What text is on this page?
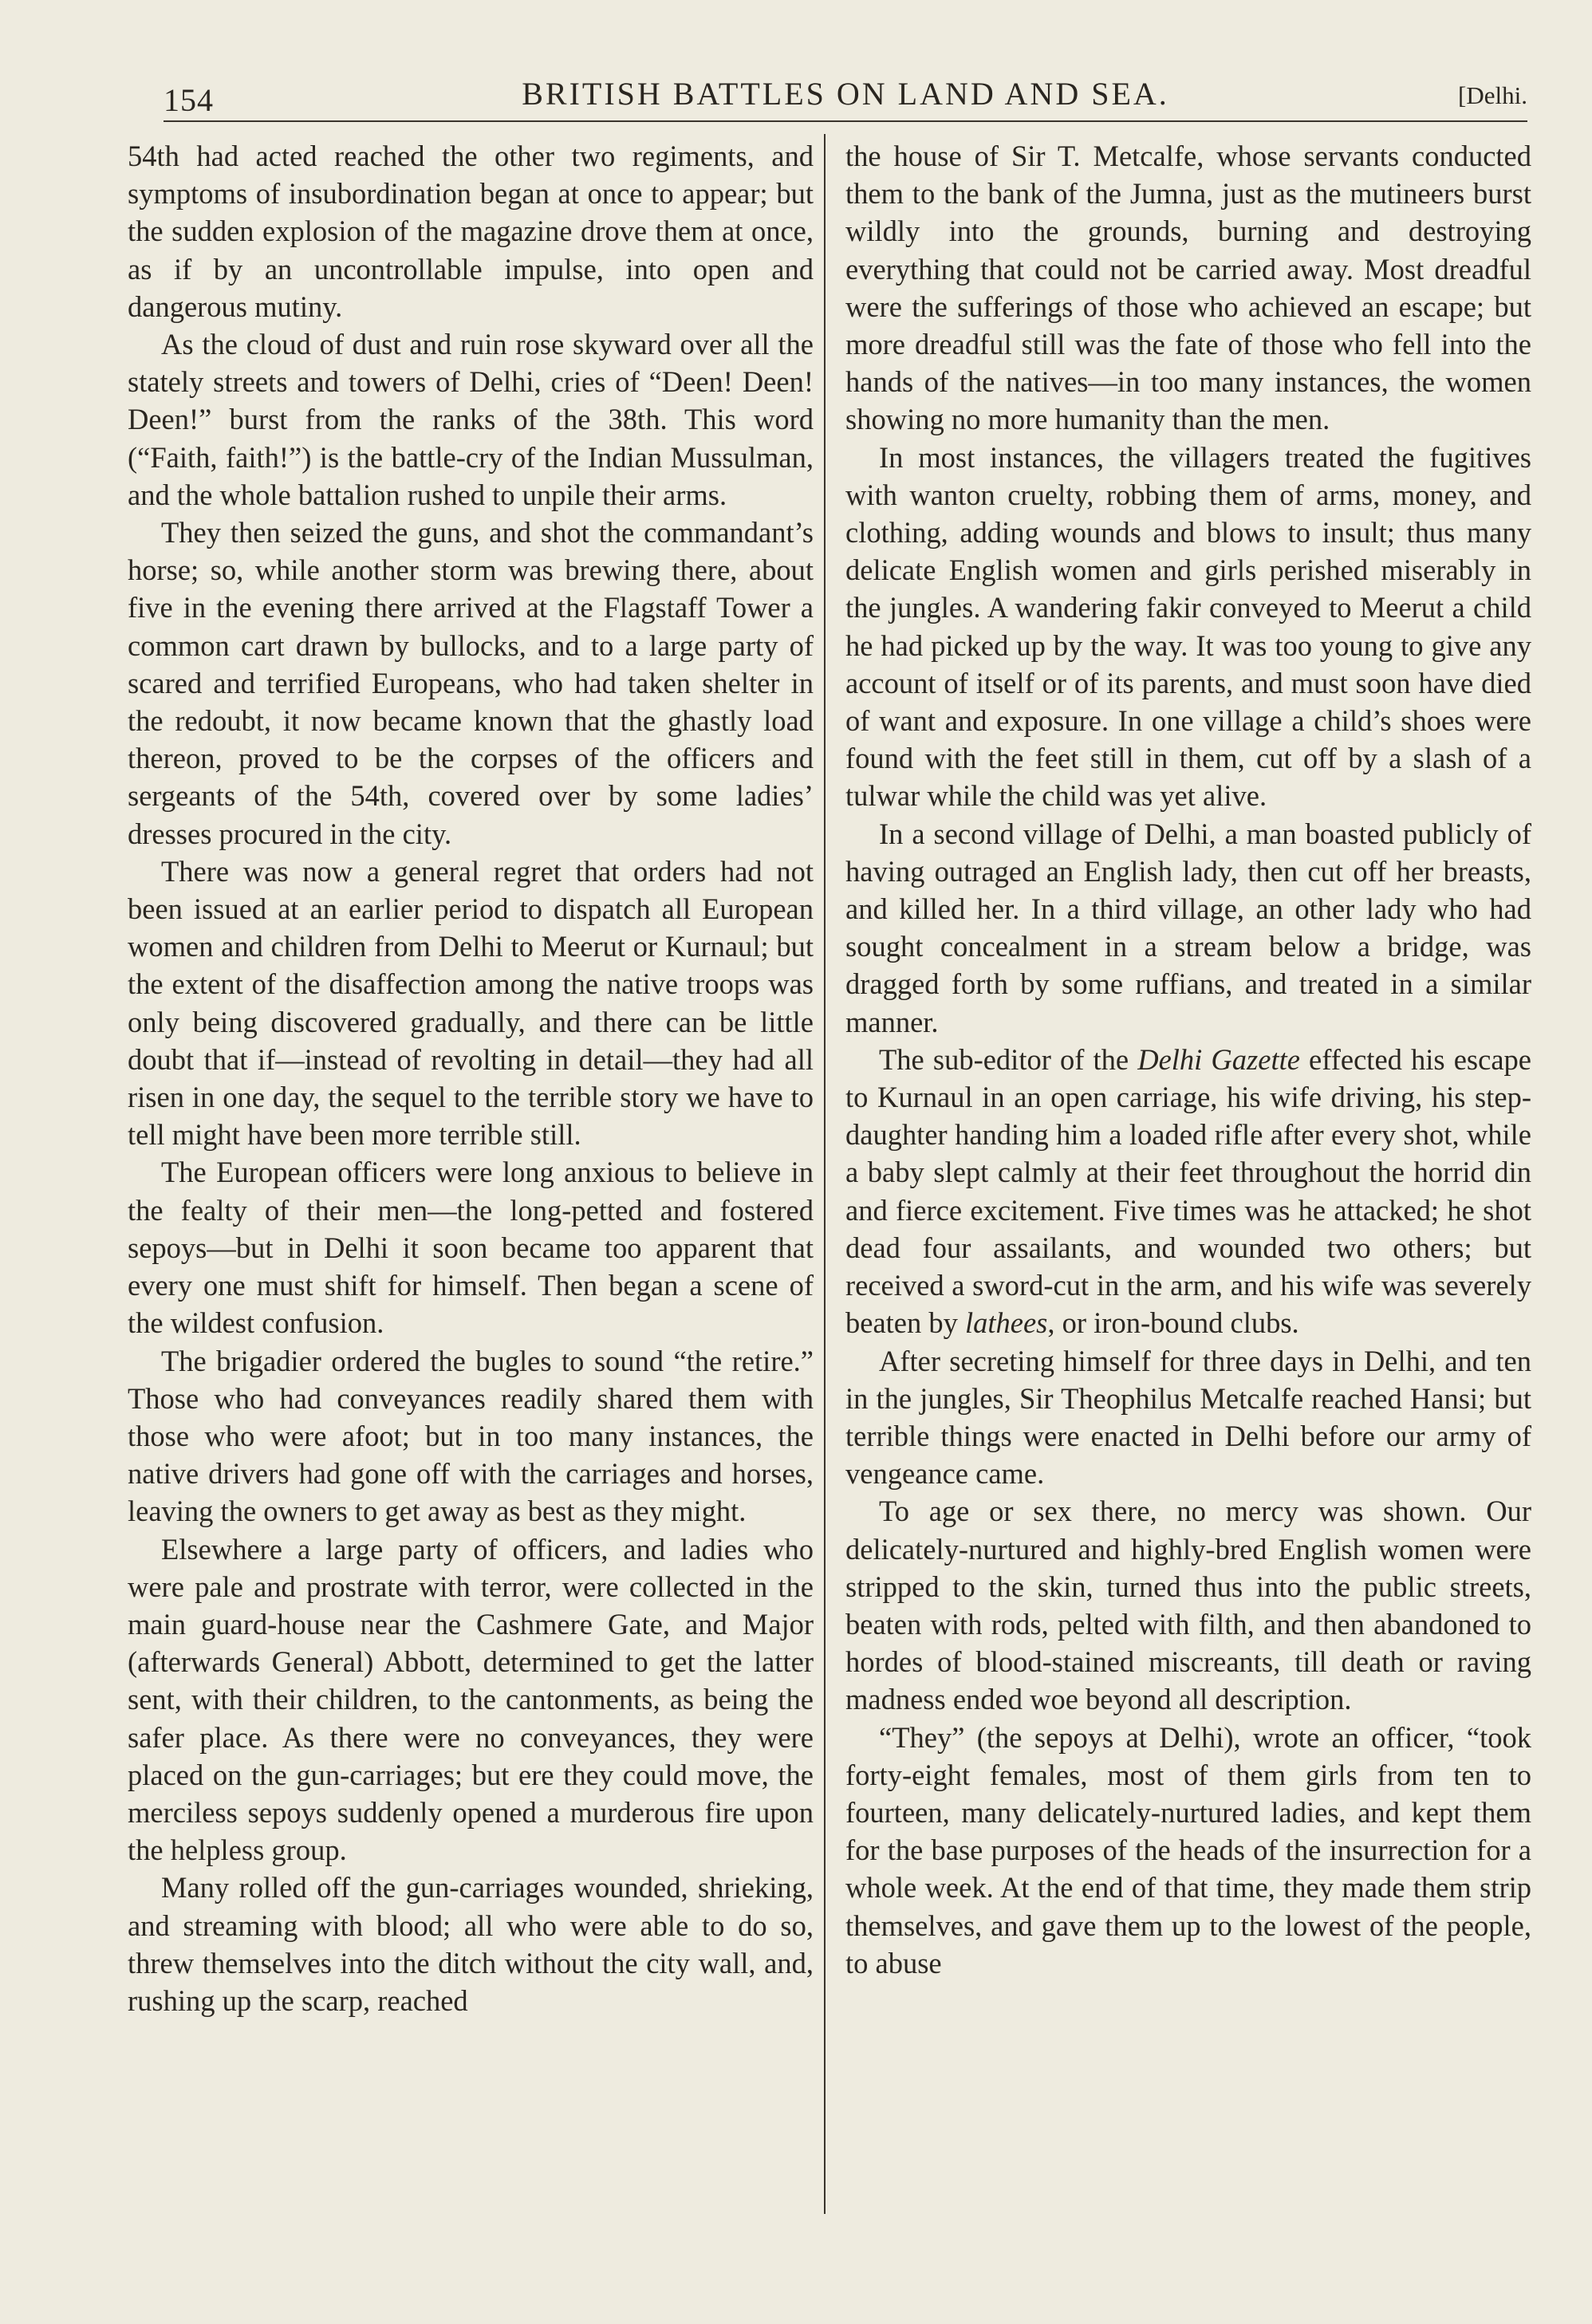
154	BRITISH BATTLES ON LAND AND SEA.	[Delhi.

54th had acted reached the other two regiments, and symptoms of insubordination began at once to appear; but the sudden explosion of the magazine drove them at once, as if by an uncontrollable impulse, into open and dangerous mutiny.

As the cloud of dust and ruin rose skyward over all the stately streets and towers of Delhi, cries of “Deen! Deen! Deen!” burst from the ranks of the 38th. This word (“Faith, faith!”) is the battle-cry of the Indian Mussulman, and the whole battalion rushed to unpile their arms.

They then seized the guns, and shot the commandant’s horse; so, while another storm was brewing there, about five in the evening there arrived at the Flagstaff Tower a common cart drawn by bullocks, and to a large party of scared and terrified Europeans, who had taken shelter in the redoubt, it now became known that the ghastly load thereon, proved to be the corpses of the officers and sergeants of the 54th, covered over by some ladies’ dresses procured in the city.

There was now a general regret that orders had not been issued at an earlier period to dispatch all European women and children from Delhi to Meerut or Kurnaul; but the extent of the disaffection among the native troops was only being discovered gradually, and there can be little doubt that if—instead of revolting in detail—they had all risen in one day, the sequel to the terrible story we have to tell might have been more terrible still.

The European officers were long anxious to believe in the fealty of their men—the long-petted and fostered sepoys—but in Delhi it soon became too apparent that every one must shift for himself. Then began a scene of the wildest confusion.

The brigadier ordered the bugles to sound “the retire.” Those who had conveyances readily shared them with those who were afoot; but in too many instances, the native drivers had gone off with the carriages and horses, leaving the owners to get away as best as they might.

Elsewhere a large party of officers, and ladies who were pale and prostrate with terror, were collected in the main guard-house near the Cashmere Gate, and Major (afterwards General) Abbott, determined to get the latter sent, with their children, to the cantonments, as being the safer place. As there were no conveyances, they were placed on the gun-carriages; but ere they could move, the merciless sepoys suddenly opened a murderous fire upon the helpless group.

Many rolled off the gun-carriages wounded, shrieking, and streaming with blood; all who were able to do so, threw themselves into the ditch without the city wall, and, rushing up the scarp, reached

the house of Sir T. Metcalfe, whose servants conducted them to the bank of the Jumna, just as the mutineers burst wildly into the grounds, burning and destroying everything that could not be carried away. Most dreadful were the sufferings of those who achieved an escape; but more dreadful still was the fate of those who fell into the hands of the natives—in too many instances, the women showing no more humanity than the men.

In most instances, the villagers treated the fugitives with wanton cruelty, robbing them of arms, money, and clothing, adding wounds and blows to insult; thus many delicate English women and girls perished miserably in the jungles. A wandering fakir conveyed to Meerut a child he had picked up by the way. It was too young to give any account of itself or of its parents, and must soon have died of want and exposure. In one village a child’s shoes were found with the feet still in them, cut off by a slash of a tulwar while the child was yet alive.

In a second village of Delhi, a man boasted publicly of having outraged an English lady, then cut off her breasts, and killed her. In a third village, an other lady who had sought concealment in a stream below a bridge, was dragged forth by some ruffians, and treated in a similar manner.

The sub-editor of the Delhi Gazette effected his escape to Kurnaul in an open carriage, his wife driving, his step-daughter handing him a loaded rifle after every shot, while a baby slept calmly at their feet throughout the horrid din and fierce excitement. Five times was he attacked; he shot dead four assailants, and wounded two others; but received a sword-cut in the arm, and his wife was severely beaten by lathees, or iron-bound clubs.

After secreting himself for three days in Delhi, and ten in the jungles, Sir Theophilus Metcalfe reached Hansi; but terrible things were enacted in Delhi before our army of vengeance came.

To age or sex there, no mercy was shown. Our delicately-nurtured and highly-bred English women were stripped to the skin, turned thus into the public streets, beaten with rods, pelted with filth, and then abandoned to hordes of blood-stained miscreants, till death or raving madness ended woe beyond all description.

“They” (the sepoys at Delhi), wrote an officer, “took forty-eight females, most of them girls from ten to fourteen, many delicately-nurtured ladies, and kept them for the base purposes of the heads of the insurrection for a whole week. At the end of that time, they made them strip themselves, and gave them up to the lowest of the people, to abuse
